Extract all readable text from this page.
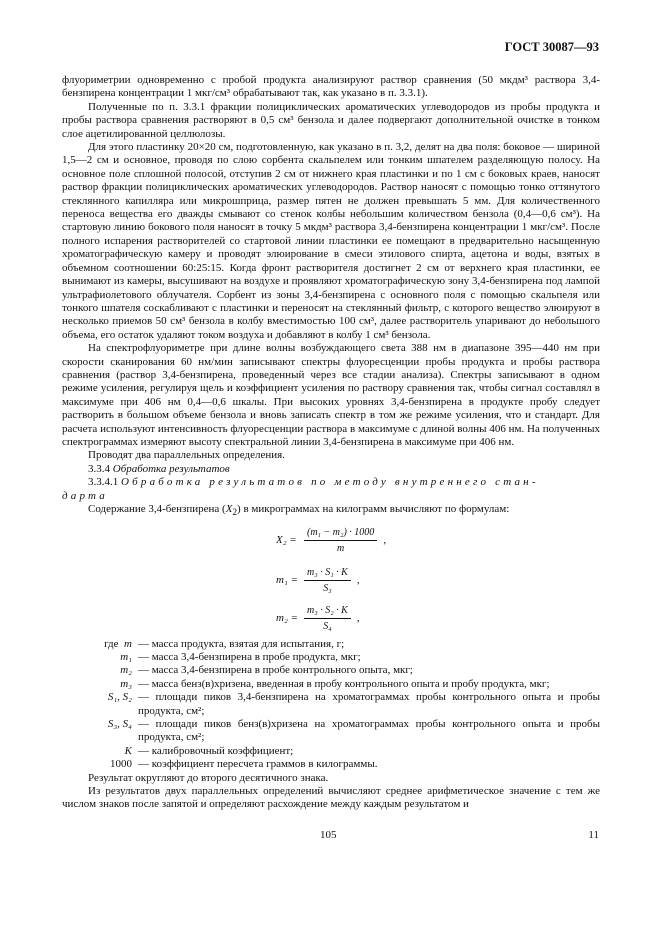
ГОСТ 30087—93

флуориметрии одновременно с пробой продукта анализируют раствор сравнения (50 мкдм³ раствора 3,4-бензпирена концентрации 1 мкг/см³ обрабатывают так, как указано в п. 3.3.1).

Полученные по п. 3.3.1 фракции полициклических ароматических углеводородов из пробы продукта и пробы раствора сравнения растворяют в 0,5 см³ бензола и далее подвергают дополнительной очистке в тонком слое ацетилированной целлюлозы.

Для этого пластинку 20×20 см, подготовленную, как указано в п. 3,2, делят на два поля: боковое — шириной 1,5—2 см и основное, проводя по слою сорбента скальпелем или тонким шпателем разделяющую полосу. На основное поле сплошной полосой, отступив 2 см от нижнего края пластинки и по 1 см с боковых краев, наносят раствор фракции полициклических ароматических углеводородов. Раствор наносят с помощью тонко оттянутого стеклянного капилляра или микрошприца, размер пятен не должен превышать 5 мм. Для количественного переноса вещества его дважды смывают со стенок колбы небольшим количеством бензола (0,4—0,6 см³). На стартовую линию бокового поля наносят в точку 5 мкдм³ раствора 3,4-бензпирена концентрации 1 мкг/см³. После полного испарения растворителей со стартовой линии пластинки ее помещают в предварительно насыщенную хроматографическую камеру и проводят элюирование в смеси этилового спирта, ацетона и воды, взятых в объемном соотношении 60:25:15. Когда фронт растворителя достигнет 2 см от верхнего края пластинки, ее вынимают из камеры, высушивают на воздухе и проявляют хроматографическую зону 3,4-бензпирена под лампой ультрафиолетового облучателя. Сорбент из зоны 3,4-бензпирена с основного поля с помощью скальпеля или тонкого шпателя соскабливают с пластинки и переносят на стеклянный фильтр, с которого вещество элюируют в несколько приемов 50 см³ бензола в колбу вместимостью 100 см³, далее растворитель упаривают до небольшого объема, его остаток удаляют током воздуха и добавляют в колбу 1 см³ бензола.

На спектрофлуориметре при длине волны возбуждающего света 388 нм в диапазоне 395—440 нм при скорости сканирования 60 нм/мин записывают спектры флуоресценции пробы продукта и пробы раствора сравнения (раствор 3,4-бензпирена, проведенный через все стадии анализа). Спектры записывают в одном режиме усиления, регулируя щель и коэффициент усиления по раствору сравнения так, чтобы сигнал составлял в максимуме при 406 нм 0,4—0,6 шкалы. При высоких уровнях 3,4-бензпирена в продукте пробу следует растворить в большом объеме бензола и вновь записать спектр в том же режиме усиления, что и стандарт. Для расчета используют интенсивность флуоресценции раствора в максимуме с длиной волны 406 нм. На полученных спектрограммах измеряют высоту спектральной линии 3,4-бензпирена в максимуме при 406 нм.

Проводят два параллельных определения.

3.3.4 Обработка результатов

3.3.4.1 Обработка результатов по методу внутреннего стан-

дарта

Содержание 3,4-бензпирена $(X_2)$ в микрограммах на килограмм вычисляют по формулам:

$X_2 = \frac{\text{(m₁ − m₂) · 1000}}{m}$ ,
$m_1 = \frac{\text{m₃ · S₁ · K}}{\text{S₃}}$ ,
$m_2 = \frac{\text{m₃ · S₂ · K}}{\text{S₄}}$ ,
где m — масса продукта, взятая для испытания, г;
m₁ — масса 3,4-бензпирена в пробе продукта, мкг;
m₂ — масса 3,4-бензпирена в пробе контрольного опыта, мкг;
m₃ — масса бенз(в)хризена, введенная в пробу контрольного опыта и пробу продукта, мкг;
S₁, S₂ — площади пиков 3,4-бензпирена на хроматограммах пробы контрольного опыта и пробы продукта, см²;
S₃, S₄ — площади пиков бенз(в)хризена на хроматограммах пробы контрольного опыта и пробы продукта, см²;
K — калибровочный коэффициент;
1000 — коэффициент пересчета граммов в килограммы.

Результат округляют до второго десятичного знака.

Из результатов двух параллельных определений вычисляют среднее арифметическое значение с тем же числом знаков после запятой и определяют расхождение между каждым результатом и

105	11
